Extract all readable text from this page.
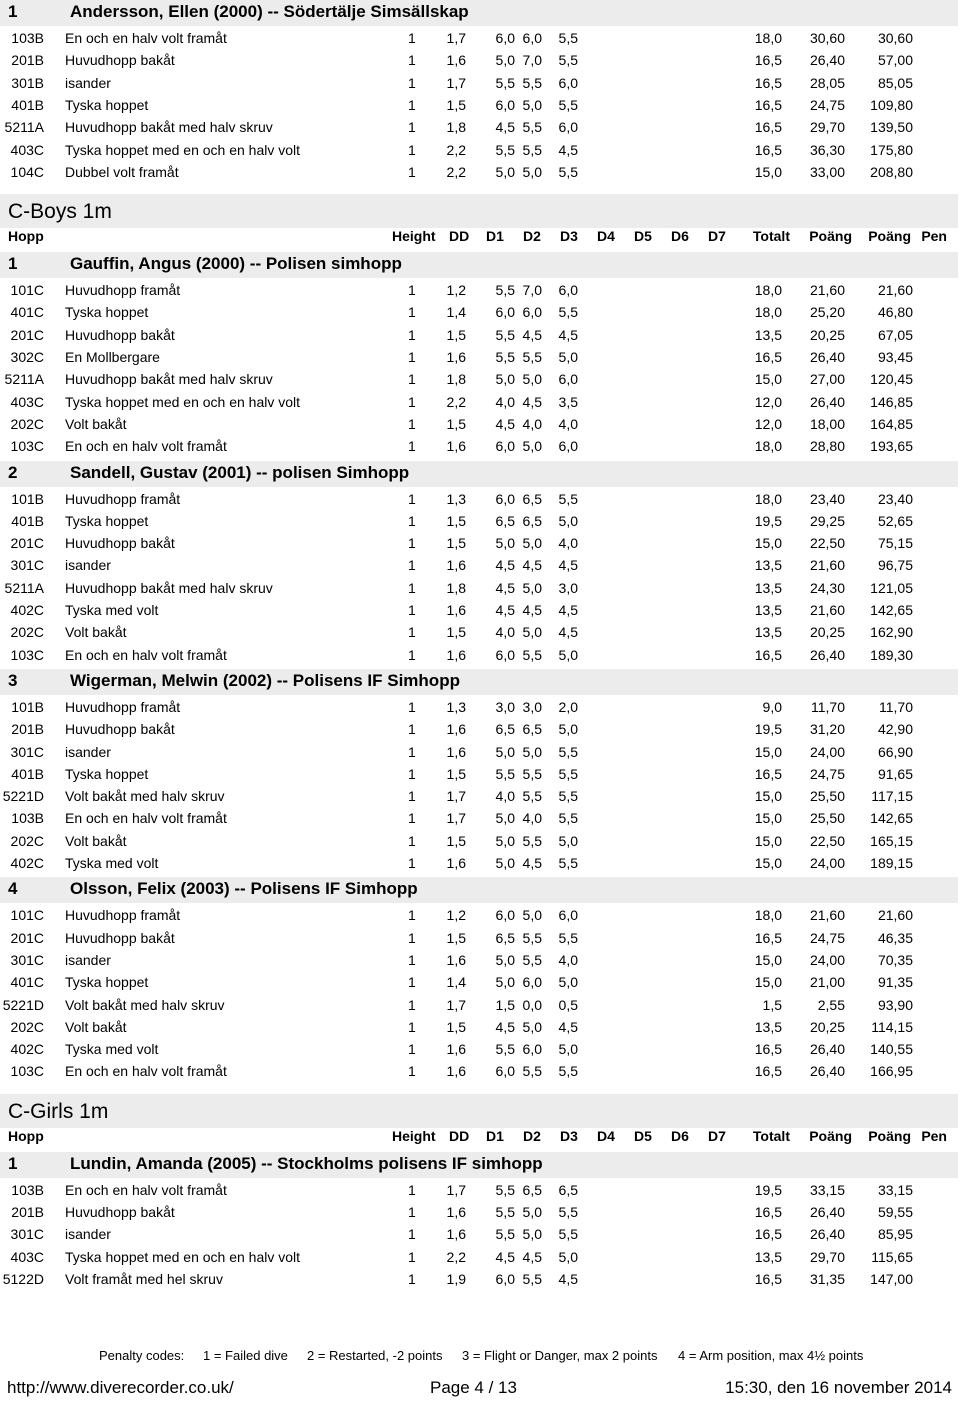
1	Andersson, Ellen (2000) -- Södertälje Simsällskap
103B En och en halv volt framåt	1 1,7 6,0 6,0 5,5	18,0 30,60 30,60
201B Huvudhopp bakåt	1 1,6 5,0 7,0 5,5	16,5 26,40 57,00
301B isander	1 1,7 5,5 5,5 6,0	16,5 28,05 85,05
401B Tyska hoppet	1 1,5 6,0 5,0 5,5	16,5 24,75 109,80
5211A Huvudhopp bakåt med halv skruv	1 1,8 4,5 5,5 6,0	16,5 29,70 139,50
403C Tyska hoppet med en och en halv volt	1 2,2 5,5 5,5 4,5	16,5 36,30 175,80
104C Dubbel volt framåt	1 2,2 5,0 5,0 5,5	15,0 33,00 208,80
C-Boys 1m
Hopp	Height DD D1 D2 D3 D4 D5 D6 D7 Totalt Poäng Poäng Pen
1	Gauffin, Angus (2000) -- Polisen simhopp
101C Huvudhopp framåt	1 1,2 5,5 7,0 6,0	18,0 21,60 21,60
401C Tyska hoppet	1 1,4 6,0 6,0 5,5	18,0 25,20 46,80
201C Huvudhopp bakåt	1 1,5 5,5 4,5 4,5	13,5 20,25 67,05
302C En Mollbergare	1 1,6 5,5 5,5 5,0	16,5 26,40 93,45
5211A Huvudhopp bakåt med halv skruv	1 1,8 5,0 5,0 6,0	15,0 27,00 120,45
403C Tyska hoppet med en och en halv volt	1 2,2 4,0 4,5 3,5	12,0 26,40 146,85
202C Volt bakåt	1 1,5 4,5 4,0 4,0	12,0 18,00 164,85
103C En och en halv volt framåt	1 1,6 6,0 5,0 6,0	18,0 28,80 193,65
2	Sandell, Gustav (2001) -- polisen Simhopp
101B Huvudhopp framåt	1 1,3 6,0 6,5 5,5	18,0 23,40 23,40
401B Tyska hoppet	1 1,5 6,5 6,5 5,0	19,5 29,25 52,65
201C Huvudhopp bakåt	1 1,5 5,0 5,0 4,0	15,0 22,50 75,15
301C isander	1 1,6 4,5 4,5 4,5	13,5 21,60 96,75
5211A Huvudhopp bakåt med halv skruv	1 1,8 4,5 5,0 3,0	13,5 24,30 121,05
402C Tyska med volt	1 1,6 4,5 4,5 4,5	13,5 21,60 142,65
202C Volt bakåt	1 1,5 4,0 5,0 4,5	13,5 20,25 162,90
103C En och en halv volt framåt	1 1,6 6,0 5,5 5,0	16,5 26,40 189,30
3	Wigerman, Melwin (2002) -- Polisens IF Simhopp
101B Huvudhopp framåt	1 1,3 3,0 3,0 2,0	9,0 11,70 11,70
201B Huvudhopp bakåt	1 1,6 6,5 6,5 5,0	19,5 31,20 42,90
301C isander	1 1,6 5,0 5,0 5,5	15,0 24,00 66,90
401B Tyska hoppet	1 1,5 5,5 5,5 5,5	16,5 24,75 91,65
5221D Volt bakåt med halv skruv	1 1,7 4,0 5,5 5,5	15,0 25,50 117,15
103B En och en halv volt framåt	1 1,7 5,0 4,0 5,5	15,0 25,50 142,65
202C Volt bakåt	1 1,5 5,0 5,5 5,0	15,0 22,50 165,15
402C Tyska med volt	1 1,6 5,0 4,5 5,5	15,0 24,00 189,15
4	Olsson, Felix (2003) -- Polisens IF Simhopp
101C Huvudhopp framåt	1 1,2 6,0 5,0 6,0	18,0 21,60 21,60
201C Huvudhopp bakåt	1 1,5 6,5 5,5 5,5	16,5 24,75 46,35
301C isander	1 1,6 5,0 5,5 4,0	15,0 24,00 70,35
401C Tyska hoppet	1 1,4 5,0 6,0 5,0	15,0 21,00 91,35
5221D Volt bakåt med halv skruv	1 1,7 1,5 0,0 0,5	1,5	2,55 93,90
202C Volt bakåt	1 1,5 4,5 5,0 4,5	13,5 20,25 114,15
402C Tyska med volt	1 1,6 5,5 6,0 5,0	16,5 26,40 140,55
103C En och en halv volt framåt	1 1,6 6,0 5,5 5,5	16,5 26,40 166,95
C-Girls 1m
Hopp	Height DD D1 D2 D3 D4 D5 D6 D7 Totalt Poäng Poäng Pen
1	Lundin, Amanda (2005) -- Stockholms polisens IF simhopp
103B En och en halv volt framåt	1 1,7 5,5 6,5 6,5	19,5 33,15 33,15
201B Huvudhopp bakåt	1 1,6 5,5 5,0 5,5	16,5 26,40 59,55
301C isander	1 1,6 5,5 5,0 5,5	16,5 26,40 85,95
403C Tyska hoppet med en och en halv volt	1 2,2 4,5 4,5 5,0	13,5 29,70 115,65
5122D Volt framåt med hel skruv	1 1,9 6,0 5,5 4,5	16,5 31,35 147,00
Penalty codes: 1 = Failed dive 2 = Restarted, -2 points 3 = Flight or Danger, max 2 points 4 = Arm position, max 4½ points
http://www.diverecorder.co.uk/	Page 4 / 13	15:30, den 16 november 2014
